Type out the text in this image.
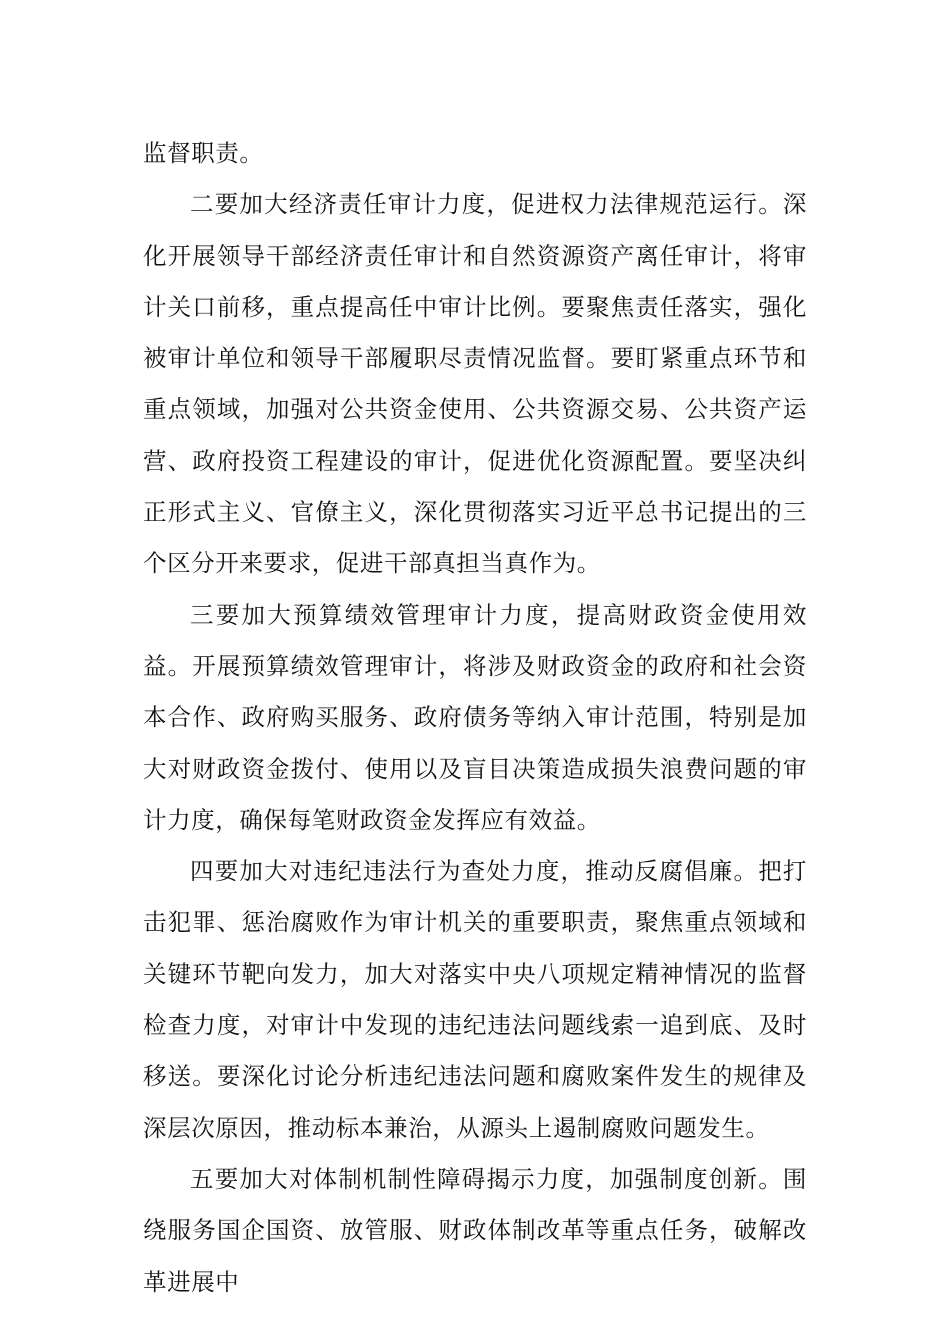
监督职责。

二要加大经济责任审计力度，促进权力法律规范运行。深化开展领导干部经济责任审计和自然资源资产离任审计，将审计关口前移，重点提高任中审计比例。要聚焦责任落实，强化被审计单位和领导干部履职尽责情况监督。要盯紧重点环节和重点领域，加强对公共资金使用、公共资源交易、公共资产运营、政府投资工程建设的审计，促进优化资源配置。要坚决纠正形式主义、官僚主义，深化贯彻落实习近平总书记提出的三个区分开来要求，促进干部真担当真作为。

三要加大预算绩效管理审计力度，提高财政资金使用效益。开展预算绩效管理审计，将涉及财政资金的政府和社会资本合作、政府购买服务、政府债务等纳入审计范围，特别是加大对财政资金拨付、使用以及盲目决策造成损失浪费问题的审计力度，确保每笔财政资金发挥应有效益。

四要加大对违纪违法行为查处力度，推动反腐倡廉。把打击犯罪、惩治腐败作为审计机关的重要职责，聚焦重点领域和关键环节靶向发力，加大对落实中央八项规定精神情况的监督检查力度，对审计中发现的违纪违法问题线索一追到底、及时移送。要深化讨论分析违纪违法问题和腐败案件发生的规律及深层次原因，推动标本兼治，从源头上遏制腐败问题发生。

五要加大对体制机制性障碍揭示力度，加强制度创新。围绕服务国企国资、放管服、财政体制改革等重点任务，破解改革进展中
